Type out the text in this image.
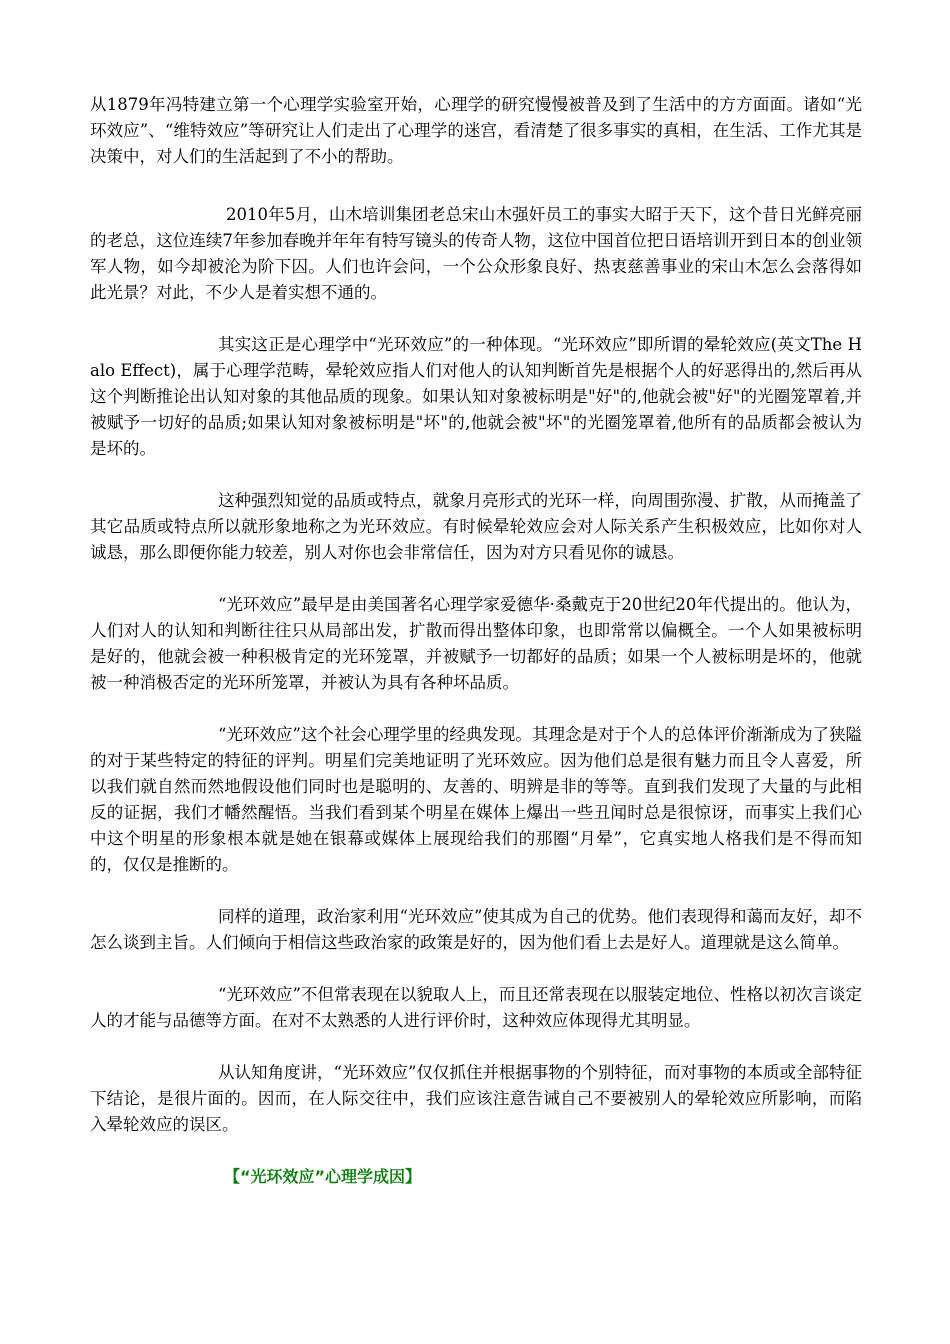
从1879年冯特建立第一个心理学实验室开始，心理学的研究慢慢被普及到了生活中的方方面面。诸如“光环效应”、“维特效应”等研究让人们走出了心理学的迷宫，看清楚了很多事实的真相，在生活、工作尤其是决策中，对人们的生活起到了不小的帮助。

2010年5月，山木培训集团老总宋山木强奸员工的事实大昭于天下，这个昔日光鲜亮丽的老总，这位连续7年参加春晚并年年有特写镜头的传奇人物，这位中国首位把日语培训开到日本的创业领军人物，如今却被沦为阶下囚。人们也许会问，一个公众形象良好、热衷慈善事业的宋山木怎么会落得如此光景？对此，不少人是着实想不通的。

其实这正是心理学中“光环效应”的一种体现。“光环效应”即所谓的晕轮效应(英文The Halo Effect)，属于心理学范畴，晕轮效应指人们对他人的认知判断首先是根据个人的好恶得出的,然后再从这个判断推论出认知对象的其他品质的现象。如果认知对象被标明是"好"的,他就会被"好"的光圈笼罩着,并被赋予一切好的品质;如果认知对象被标明是"坏"的,他就会被"坏"的光圈笼罩着,他所有的品质都会被认为是坏的。

这种强烈知觉的品质或特点，就象月亮形式的光环一样，向周围弥漫、扩散，从而掩盖了其它品质或特点所以就形象地称之为光环效应。有时候晕轮效应会对人际关系产生积极效应，比如你对人诚恳，那么即便你能力较差，别人对你也会非常信任，因为对方只看见你的诚恳。

“光环效应”最早是由美国著名心理学家爱德华·桑戴克于20世纪20年代提出的。他认为，人们对人的认知和判断往往只从局部出发，扩散而得出整体印象，也即常常以偏概全。一个人如果被标明是好的，他就会被一种积极肯定的光环笼罩，并被赋予一切都好的品质；如果一个人被标明是坏的，他就被一种消极否定的光环所笼罩，并被认为具有各种坏品质。

“光环效应”这个社会心理学里的经典发现。其理念是对于个人的总体评价渐渐成为了狭隘的对于某些特定的特征的评判。明星们完美地证明了光环效应。因为他们总是很有魅力而且令人喜爱，所以我们就自然而然地假设他们同时也是聪明的、友善的、明辨是非的等等。直到我们发现了大量的与此相反的证据，我们才幡然醒悟。当我们看到某个明星在媒体上爆出一些丑闻时总是很惊讶，而事实上我们心中这个明星的形象根本就是她在银幕或媒体上展现给我们的那圈“月晕”，它真实地人格我们是不得而知的，仅仅是推断的。

同样的道理，政治家利用“光环效应”使其成为自己的优势。他们表现得和蔼而友好，却不怎么谈到主旨。人们倾向于相信这些政治家的政策是好的，因为他们看上去是好人。道理就是这么简单。

“光环效应”不但常表现在以貌取人上，而且还常表现在以服装定地位、性格以初次言谈定人的才能与品德等方面。在对不太熟悉的人进行评价时，这种效应体现得尤其明显。

从认知角度讲，“光环效应”仅仅抓住并根据事物的个别特征，而对事物的本质或全部特征下结论，是很片面的。因而，在人际交往中，我们应该注意告诫自己不要被别人的晕轮效应所影响，而陷入晕轮效应的误区。

【“光环效应”心理学成因】
